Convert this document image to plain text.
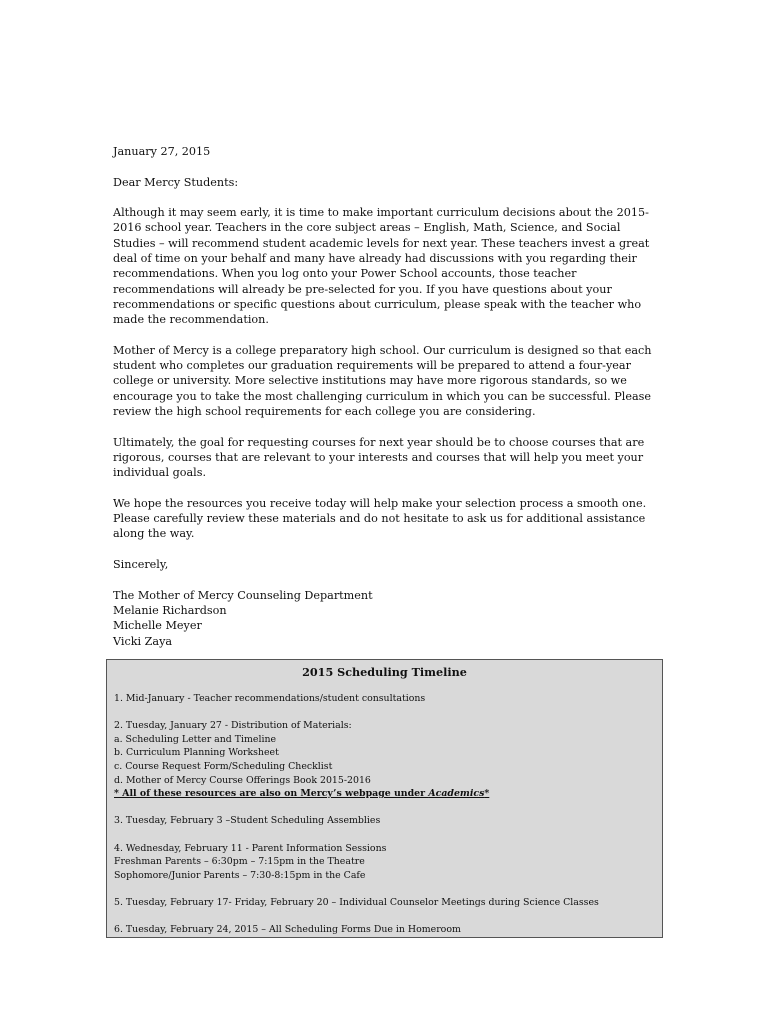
January 27, 2015

Dear Mercy Students:

Although it may seem early, it is time to make important curriculum decisions about the 2015-2016 school year. Teachers in the core subject areas – English, Math, Science, and Social Studies – will recommend student academic levels for next year. These teachers invest a great deal of time on your behalf and many have already had discussions with you regarding their recommendations. When you log onto your Power School accounts, those teacher recommendations will already be pre-selected for you. If you have questions about your recommendations or specific questions about curriculum, please speak with the teacher who made the recommendation.

Mother of Mercy is a college preparatory high school. Our curriculum is designed so that each student who completes our graduation requirements will be prepared to attend a four-year college or university. More selective institutions may have more rigorous standards, so we encourage you to take the most challenging curriculum in which you can be successful. Please review the high school requirements for each college you are considering.

Ultimately, the goal for requesting courses for next year should be to choose courses that are rigorous, courses that are relevant to your interests and courses that will help you meet your individual goals.

We hope the resources you receive today will help make your selection process a smooth one. Please carefully review these materials and do not hesitate to ask us for additional assistance along the way.

Sincerely,

The Mother of Mercy Counseling Department
Melanie Richardson
Michelle Meyer
Vicki Zaya
2015 Scheduling Timeline
1. Mid-January - Teacher recommendations/student consultations
2. Tuesday, January 27 - Distribution of Materials:
a. Scheduling Letter and Timeline
b. Curriculum Planning Worksheet
c. Course Request Form/Scheduling Checklist
d. Mother of Mercy Course Offerings Book 2015-2016
* All of these resources are also on Mercy’s webpage under Academics*
3. Tuesday, February 3 –Student Scheduling Assemblies
4. Wednesday, February 11 - Parent Information Sessions
Freshman Parents – 6:30pm – 7:15pm in the Theatre
Sophomore/Junior Parents – 7:30-8:15pm in the Cafe
5. Tuesday, February 17- Friday, February 20 – Individual Counselor Meetings during Science Classes
6. Tuesday, February 24, 2015 – All Scheduling Forms Due in Homeroom
